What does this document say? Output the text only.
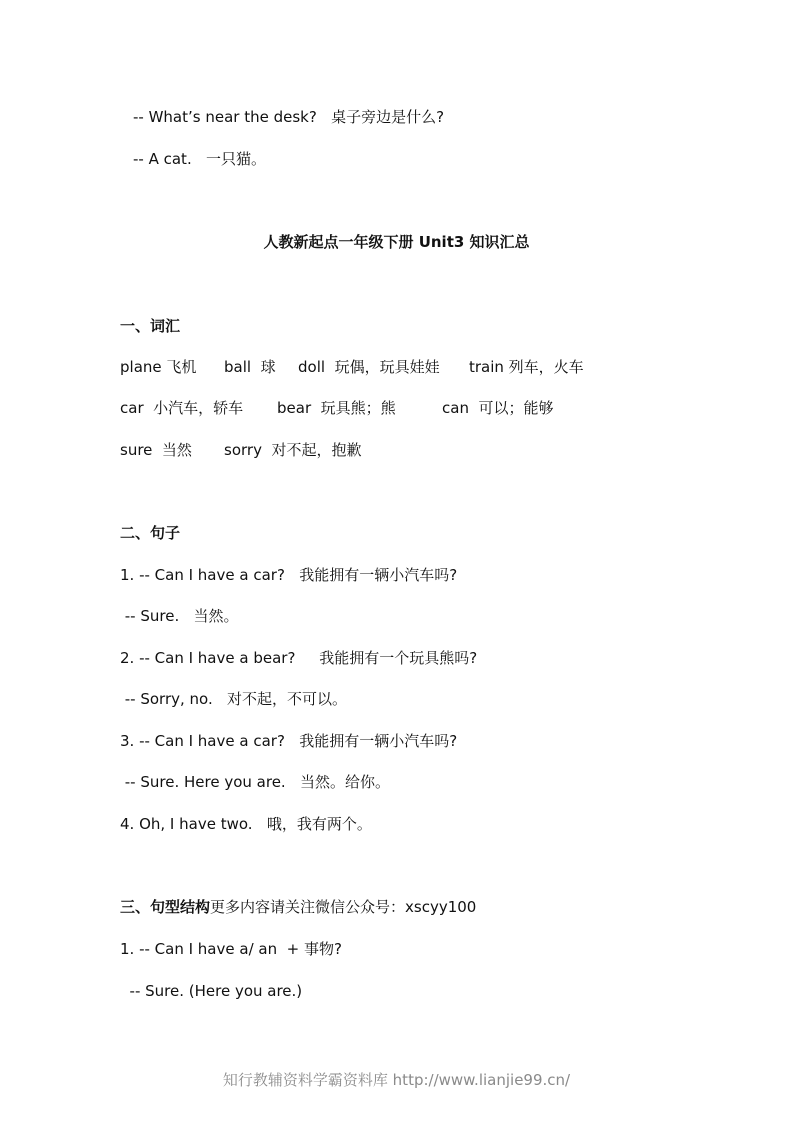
-- What’s near the desk?   桌子旁边是什么?
-- A cat.   一只猫。
人教新起点一年级下册 Unit3 知识汇总
一、词汇
plane 飞机 ball  球 doll  玩偶，玩具娃娃 train 列车，火车
car  小汽车，轿车 bear  玩具熊；熊	can  可以；能够
sure  当然 sorry  对不起，抱歉
二、句子
1. -- Can I have a car?   我能拥有一辆小汽车吗?
-- Sure.   当然。
2. -- Can I have a bear?     我能拥有一个玩具熊吗?
-- Sorry, no.   对不起，不可以。
3. -- Can I have a car?   我能拥有一辆小汽车吗?
-- Sure. Here you are.   当然。给你。
4. Oh, I have two.   哦，我有两个。
三、句型结构更多内容请关注微信公众号：xscyy100
1. -- Can I have a/ an  + 事物?
-- Sure. (Here you are.)
知行教辅资料学霸资料库 http://www.lianjie99.cn/
